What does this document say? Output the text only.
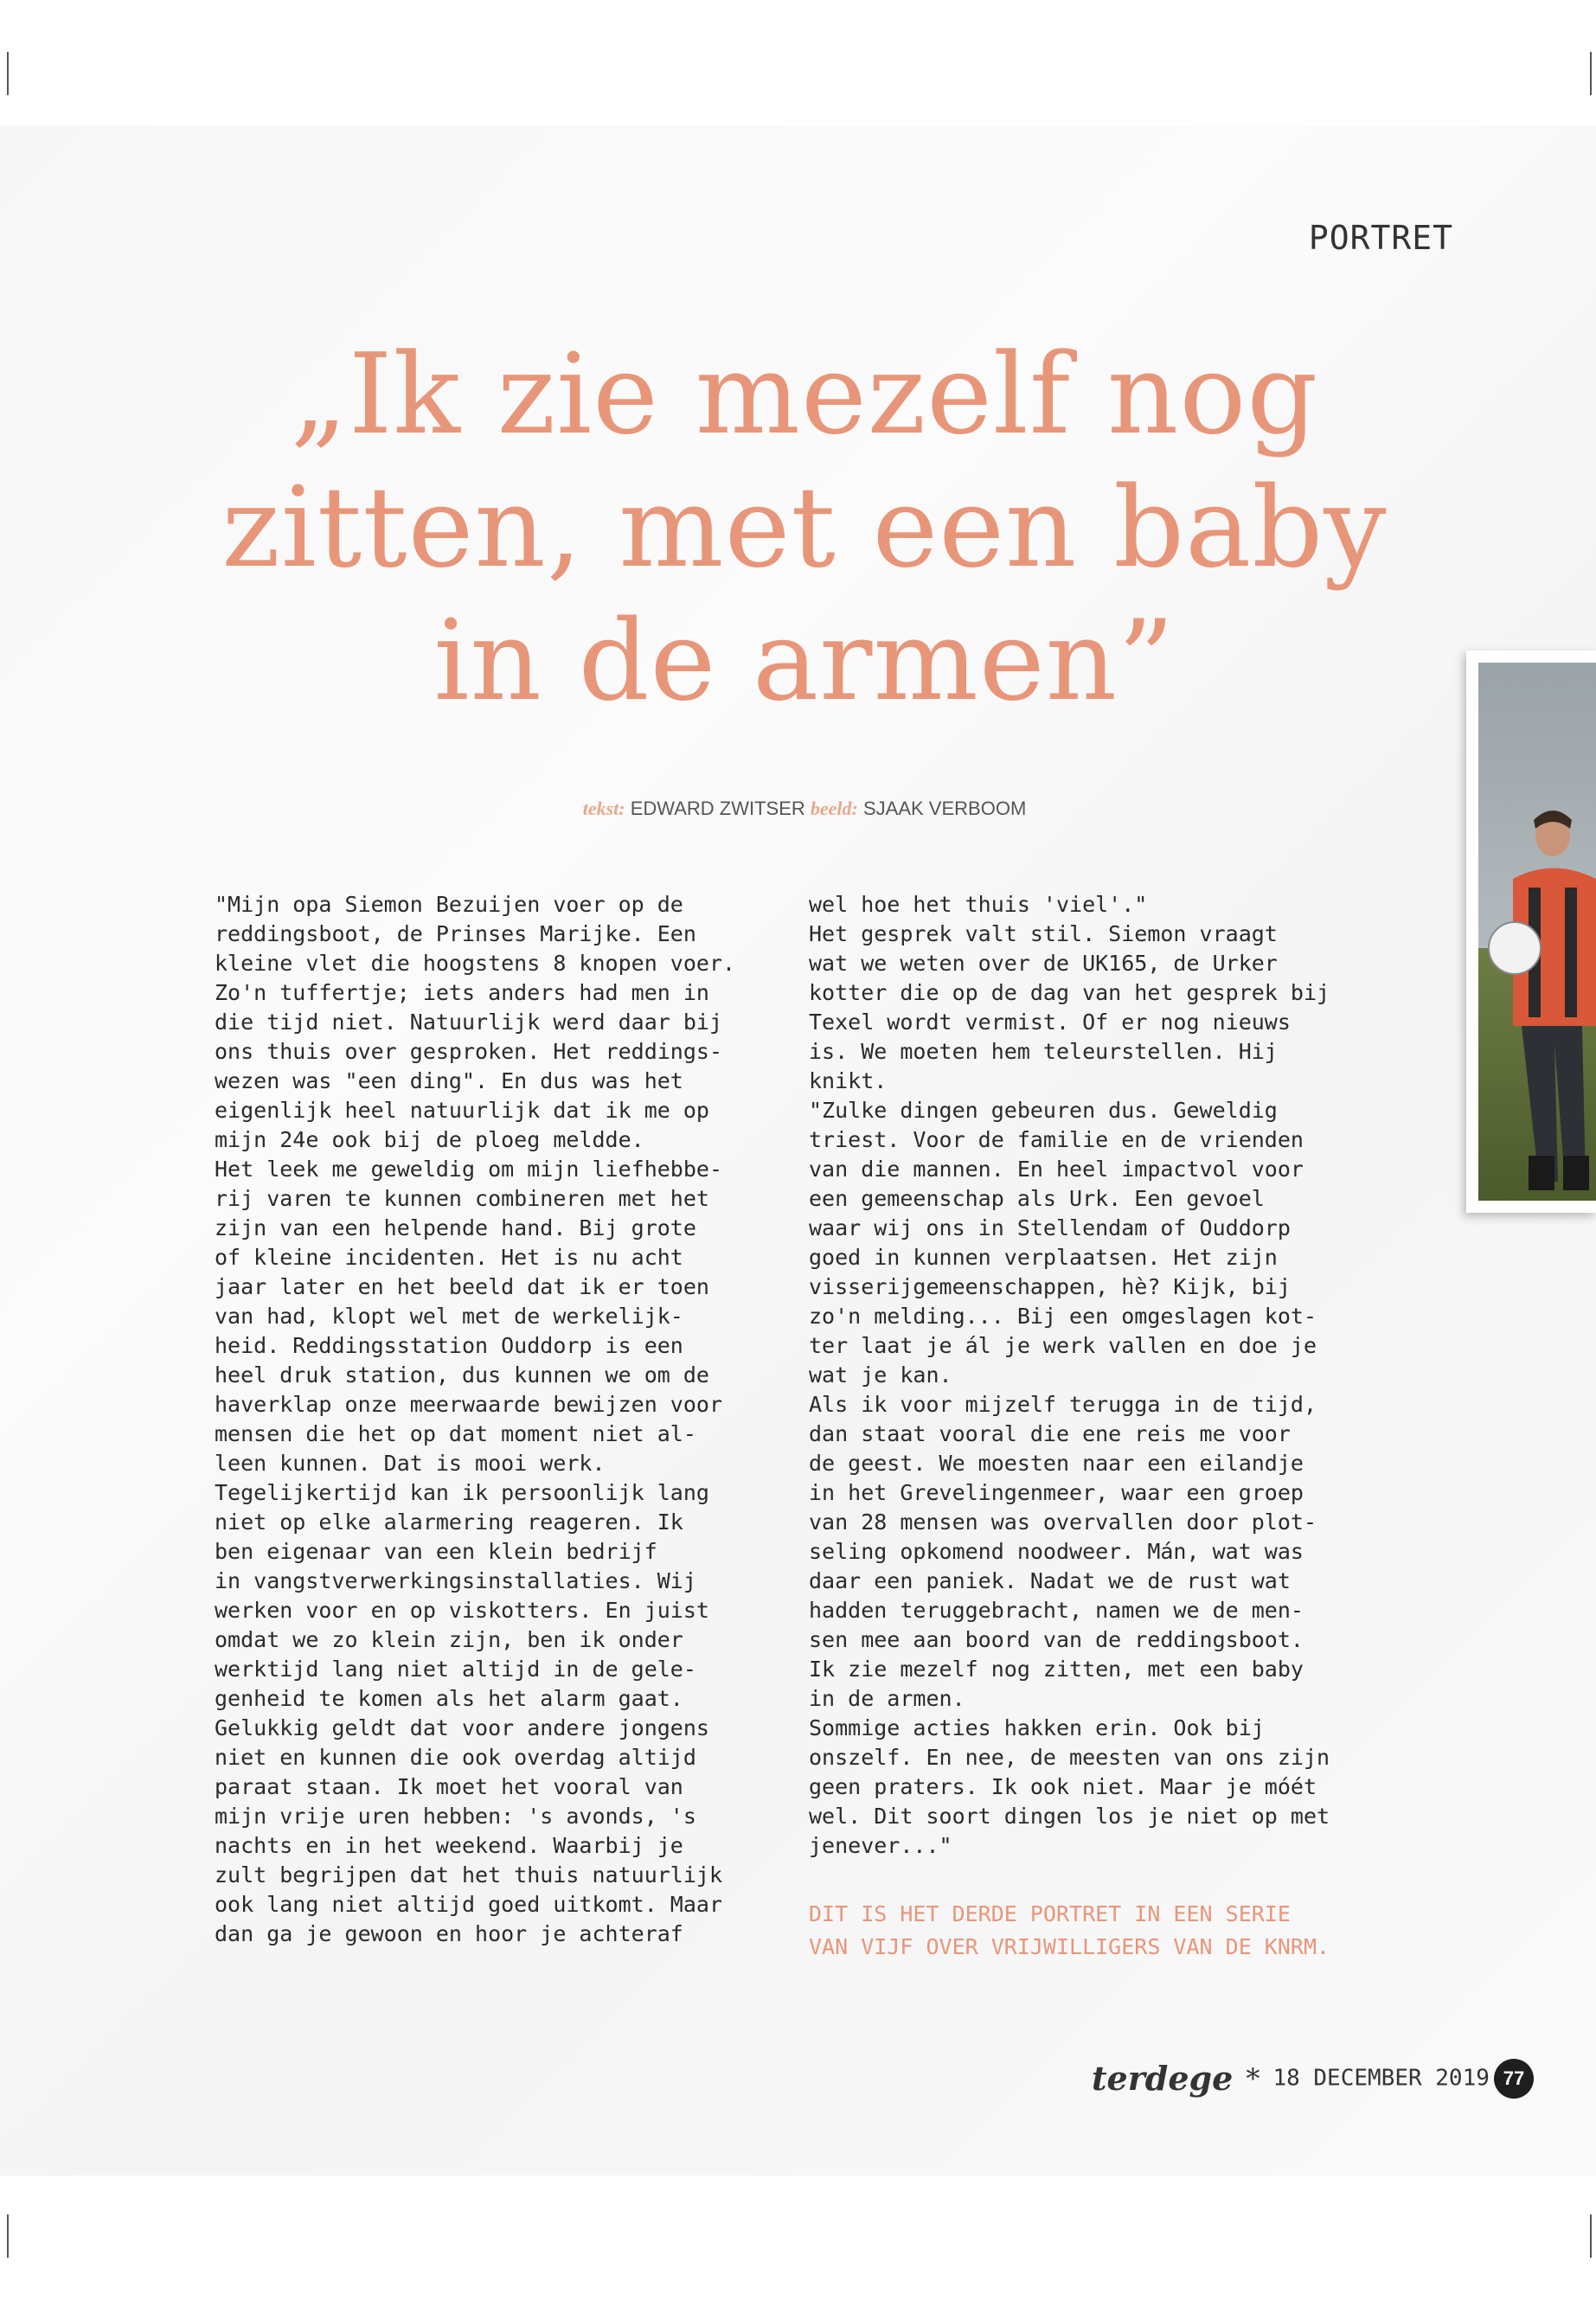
PORTRET
„Ik zie mezelf nog
zitten, met een baby
in de armen”
tekst: EDWARD ZWITSER beeld: SJAAK VERBOOM
"Mijn opa Siemon Bezuijen voer op de
reddingsboot, de Prinses Marijke. Een
kleine vlet die hoogstens 8 knopen voer.
Zo'n tuffertje; iets anders had men in
die tijd niet. Natuurlijk werd daar bij
ons thuis over gesproken. Het reddings-
wezen was "een ding". En dus was het
eigenlijk heel natuurlijk dat ik me op
mijn 24e ook bij de ploeg meldde.
Het leek me geweldig om mijn liefhebbe-
rij varen te kunnen combineren met het
zijn van een helpende hand. Bij grote
of kleine incidenten. Het is nu acht
jaar later en het beeld dat ik er toen
van had, klopt wel met de werkelijk-
heid. Reddingsstation Ouddorp is een
heel druk station, dus kunnen we om de
haverklap onze meerwaarde bewijzen voor
mensen die het op dat moment niet al-
leen kunnen. Dat is mooi werk.
Tegelijkertijd kan ik persoonlijk lang
niet op elke alarmering reageren. Ik
ben eigenaar van een klein bedrijf
in vangstverwerkingsinstallaties. Wij
werken voor en op viskotters. En juist
omdat we zo klein zijn, ben ik onder
werktijd lang niet altijd in de gele-
genheid te komen als het alarm gaat.
Gelukkig geldt dat voor andere jongens
niet en kunnen die ook overdag altijd
paraat staan. Ik moet het vooral van
mijn vrije uren hebben: 's avonds, 's
nachts en in het weekend. Waarbij je
zult begrijpen dat het thuis natuurlijk
ook lang niet altijd goed uitkomt. Maar
dan ga je gewoon en hoor je achteraf
wel hoe het thuis 'viel'."
Het gesprek valt stil. Siemon vraagt
wat we weten over de UK165, de Urker
kotter die op de dag van het gesprek bij
Texel wordt vermist. Of er nog nieuws
is. We moeten hem teleurstellen. Hij
knikt.
"Zulke dingen gebeuren dus. Geweldig
triest. Voor de familie en de vrienden
van die mannen. En heel impactvol voor
een gemeenschap als Urk. Een gevoel
waar wij ons in Stellendam of Ouddorp
goed in kunnen verplaatsen. Het zijn
visserijgemeenschappen, hè? Kijk, bij
zo'n melding... Bij een omgeslagen kot-
ter laat je ál je werk vallen en doe je
wat je kan.
Als ik voor mijzelf terugga in de tijd,
dan staat vooral die ene reis me voor
de geest. We moesten naar een eilandje
in het Grevelingenmeer, waar een groep
van 28 mensen was overvallen door plot-
seling opkomend noodweer. Mán, wat was
daar een paniek. Nadat we de rust wat
hadden teruggebracht, namen we de men-
sen mee aan boord van de reddingsboot.
Ik zie mezelf nog zitten, met een baby
in de armen.
Sommige acties hakken erin. Ook bij
onszelf. En nee, de meesten van ons zijn
geen praters. Ik ook niet. Maar je móét
wel. Dit soort dingen los je niet op met
jenever..."
DIT IS HET DERDE PORTRET IN EEN SERIE
VAN VIJF OVER VRIJWILLIGERS VAN DE KNRM.
terdege * 18 DECEMBER 2019 77
